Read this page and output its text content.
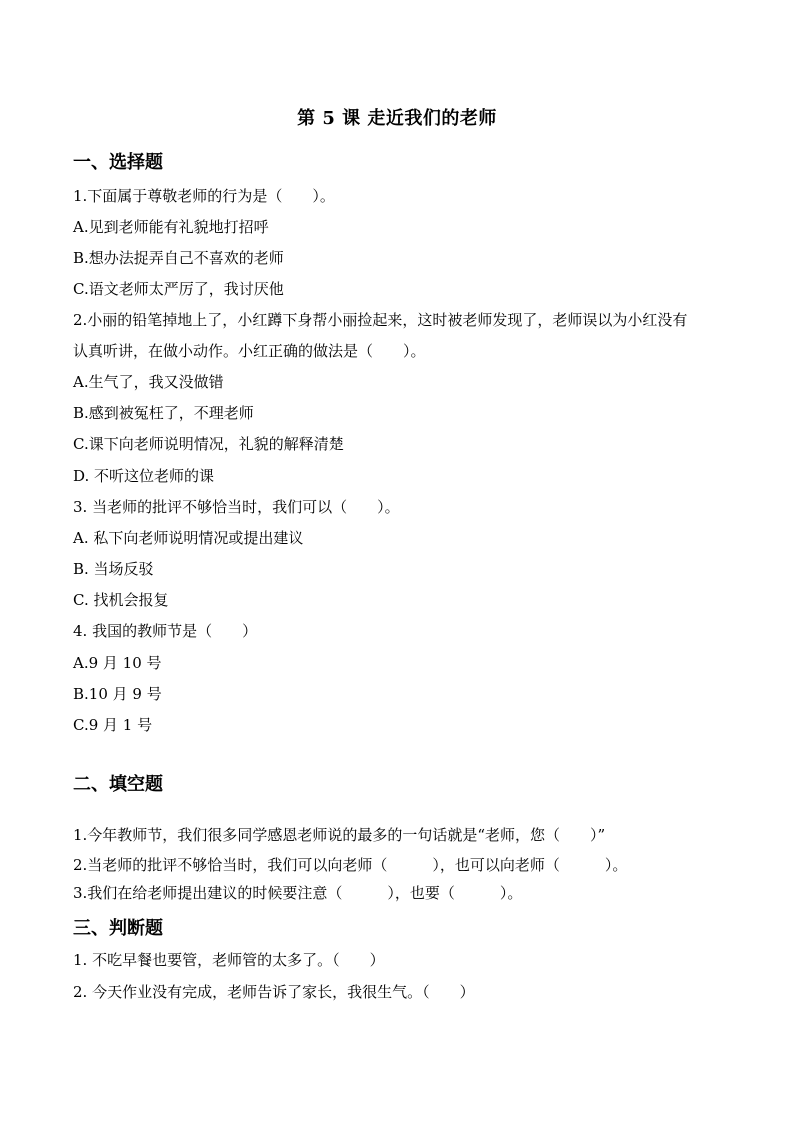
第 5 课 走近我们的老师
一、选择题
1.下面属于尊敬老师的行为是（　　）。
A.见到老师能有礼貌地打招呼
B.想办法捉弄自己不喜欢的老师
C.语文老师太严厉了，我讨厌他
2.小丽的铅笔掉地上了，小红蹲下身帮小丽捡起来，这时被老师发现了，老师误以为小红没有
认真听讲，在做小动作。小红正确的做法是（　　）。
A.生气了，我又没做错
B.感到被冤枉了，不理老师
C.课下向老师说明情况，礼貌的解释清楚
D. 不听这位老师的课
3. 当老师的批评不够恰当时，我们可以（　　）。
A. 私下向老师说明情况或提出建议
B. 当场反驳
C. 找机会报复
4. 我国的教师节是（　　）
A.9 月 10 号
B.10 月 9 号
C.9 月 1 号
二、填空题
1.今年教师节，我们很多同学感恩老师说的最多的一句话就是“老师，您（　　）”
2.当老师的批评不够恰当时，我们可以向老师（　　　），也可以向老师（　　　）。
3.我们在给老师提出建议的时候要注意（　　　），也要（　　　）。
三、判断题
1. 不吃早餐也要管，老师管的太多了。（　　）
2. 今天作业没有完成，老师告诉了家长，我很生气。（　　）
